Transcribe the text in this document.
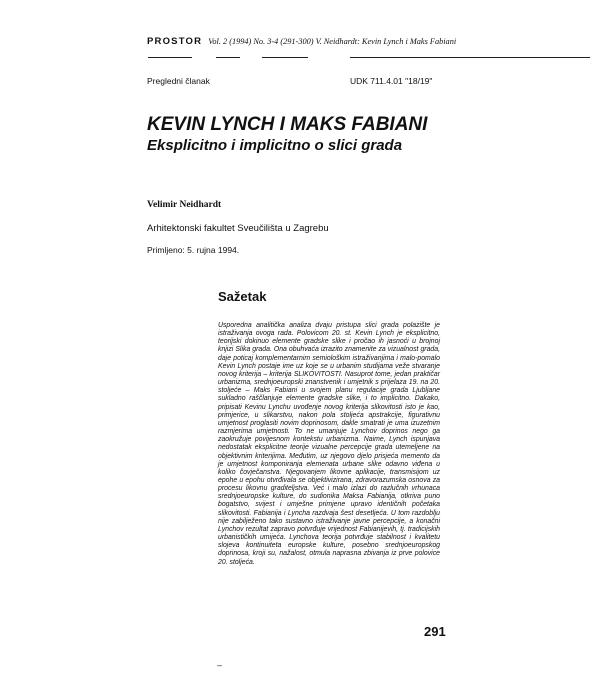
PROSTOR Vol. 2 (1994) No. 3-4 (291-300) V. Neidhardt: Kevin Lynch i Maks Fabiani
Pregledni članak	UDK 711.4.01 "18/19"
KEVIN LYNCH I MAKS FABIANI
Eksplicitno i implicitno o slici grada
Velimir Neidhardt
Arhitektonski fakultet Sveučilišta u Zagrebu
Primljeno: 5. rujna 1994.
Sažetak
Usporedna analitička analiza dvaju pristupa slici grada polazište je istraživanja ovoga rada. Polovicom 20. st. Kevin Lynch je eksplicitno, teorijski dokinuo elemente gradske slike i pročao ih jasnoći u brojnoj knjizi Slika grada. Ona obuhvaća izrazito znamenite za vizualnost grada, daje poticaj komplementarnim semiološkim istraživanjima i malo-pomalo Kevin Lynch postaje ime uz koje se u urbanim studijama veže stvaranje novog kriterija – kriterija SLIKOVITOSTI. Nasuprot tome, jedan praktičar urbanizma, srednjoeuropski znanstvenik i umjetnik s prijelaza 19. na 20. stoljeće – Maks Fabiani u svojem planu regulacije grada Ljubljane sukladno raščlanjuje elemente gradske slike, i to implicitno. Dakako, pripisati Kevinu Lynchu uvođenje novog kriterija slikovitosti isto je kao, primjerice, u slikarstvu, nakon pola stoljeća apstrakcije, figurativnu umjetnost proglasiti novim doprinosom, dakle smatrati je uma izuzetnim razmjerima umjetnosti. To ne umanjuje Lynchov doprinos nego ga zaokružuje povijesnom kontekstu urbanizma. Naime, Lynch ispunjava nedostatak eksplicitne teorije vizualne percepcije grada utemeljene na objektivnim kriterijima. Međutim, uz njegovo djelo prisjeća memento da je umjetnost komponiranja elemenata urbane slike odavno viđena u koliko čovječanstva. Njegovanjem likovne aplikacije, transmisijom uz epohe u epohu otvrđivala se objektivizirana, zdravorazumska osnova za procesu likovnu graditeljstva. Već i malo izlazi do razlučnih vrhunaca srednjoeuropske kulture, do sudionika Maksa Fabianija, otkriva puno bogatstvo, svijest i umješne primjene upravo identičnih početaka slikovitosti. Fabianija i Lyncha razdvaja šest desetljeća. U tom razdoblju nije zabilježeno tako sustavno istraživanje javne percepcije, a konačni Lynchov rezultat zapravo potvrđuje vrijednost Fabianijevih, tj. tradicijskih urbanističkih umijeća. Lynchova teorija potvrđuje stabilnost i kvalitetu slojeva kontinuiteta europske kulture, posebno srednjoeuropskog doprinosa, kroji su, nažalost, otmula naprasna zbivanja iz prve polovice 20. stoljeća.
291
–
